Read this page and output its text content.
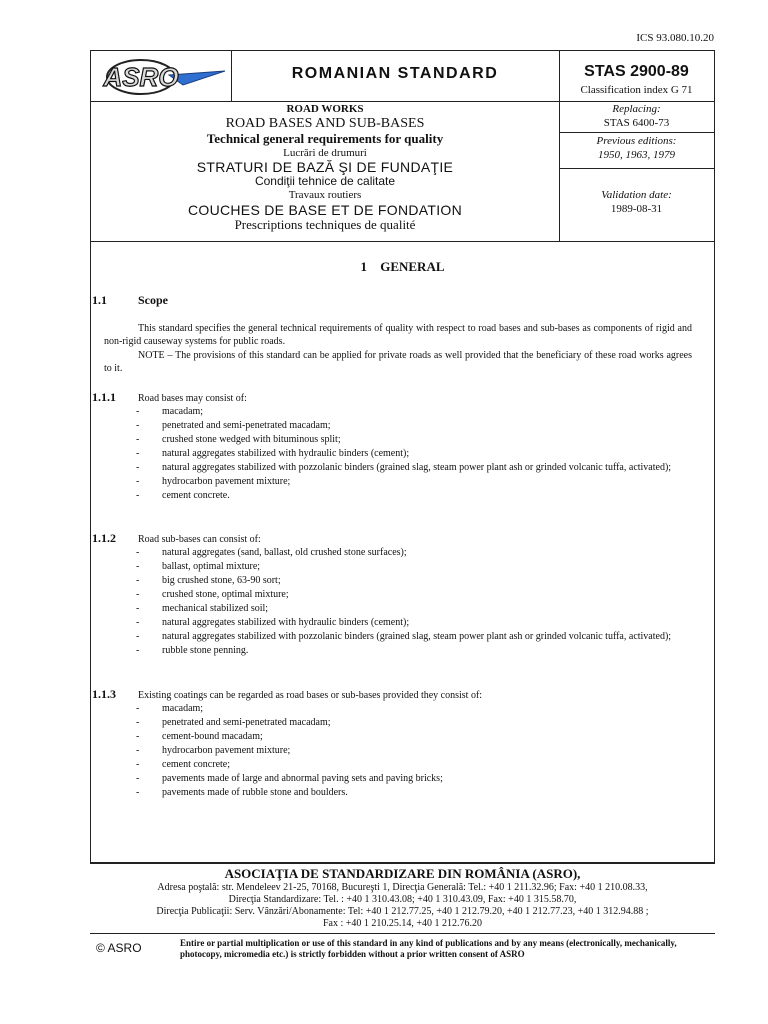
ICS 93.080.10.20
ASRO	ROMANIAN STANDARD	STAS 2900-89
Classification index G 71
ROAD WORKS
ROAD BASES AND SUB-BASES
Technical general requirements for quality
Lucrări de drumuri
STRATURI DE BAZĂ ŞI DE FUNDAŢIE
Condiţii tehnice de calitate
Travaux routiers
COUCHES DE BASE ET DE FONDATION
Prescriptions techniques de qualité
Replacing:
STAS 6400-73
Previous editions:
1950, 1963, 1979
Validation date:
1989-08-31
1 GENERAL
1.1	Scope
This standard specifies the general technical requirements of quality with respect to road bases and sub-bases as components of rigid and non-rigid causeway systems for public roads.
NOTE – The provisions of this standard can be applied for private roads as well provided that the beneficiary of these road works agrees to it.
1.1.1 Road bases may consist of:
-	macadam;
-	penetrated and semi-penetrated macadam;
-	crushed stone wedged with bituminous split;
-	natural aggregates stabilized with hydraulic binders (cement);
-	natural aggregates stabilized with pozzolanic binders (grained slag, steam power plant ash or grinded volcanic tuffa, activated);
-	hydrocarbon pavement mixture;
-	cement concrete.
1.1.2 Road sub-bases can consist of:
-	natural aggregates (sand, ballast, old crushed stone surfaces);
-	ballast, optimal mixture;
-	big crushed stone, 63-90 sort;
-	crushed stone, optimal mixture;
-	mechanical stabilized soil;
-	natural aggregates stabilized with hydraulic binders (cement);
-	natural aggregates stabilized with pozzolanic binders (grained slag, steam power plant ash or grinded volcanic tuffa, activated);
-	rubble stone penning.
1.1.3 Existing coatings can be regarded as road bases or sub-bases provided they consist of:
-	macadam;
-	penetrated and semi-penetrated macadam;
-	cement-bound macadam;
-	hydrocarbon pavement mixture;
-	cement concrete;
-	pavements made of large and abnormal paving sets and paving bricks;
-	pavements made of rubble stone and boulders.
ASOCIAŢIA DE STANDARDIZARE DIN ROMÂNIA (ASRO),
Adresa poştală: str. Mendeleev 21-25, 70168, Bucureşti 1, Direcţia Generală: Tel.: +40 1 211.32.96; Fax: +40 1 210.08.33,
Direcţia Standardizare: Tel. : +40 1 310.43.08; +40 1 310.43.09, Fax: +40 1 315.58.70,
Direcţia Publicaţii: Serv. Vânzări/Abonamente: Tel: +40 1 212.77.25, +40 1 212.79.20, +40 1 212.77.23, +40 1 312.94.88 ;
Fax : +40 1 210.25.14, +40 1 212.76.20
© ASRO	Entire or partial multiplication or use of this standard in any kind of publications and by any means (electronically, mechanically, photocopy, micromedia etc.) is strictly forbidden without a prior written consent of ASRO
